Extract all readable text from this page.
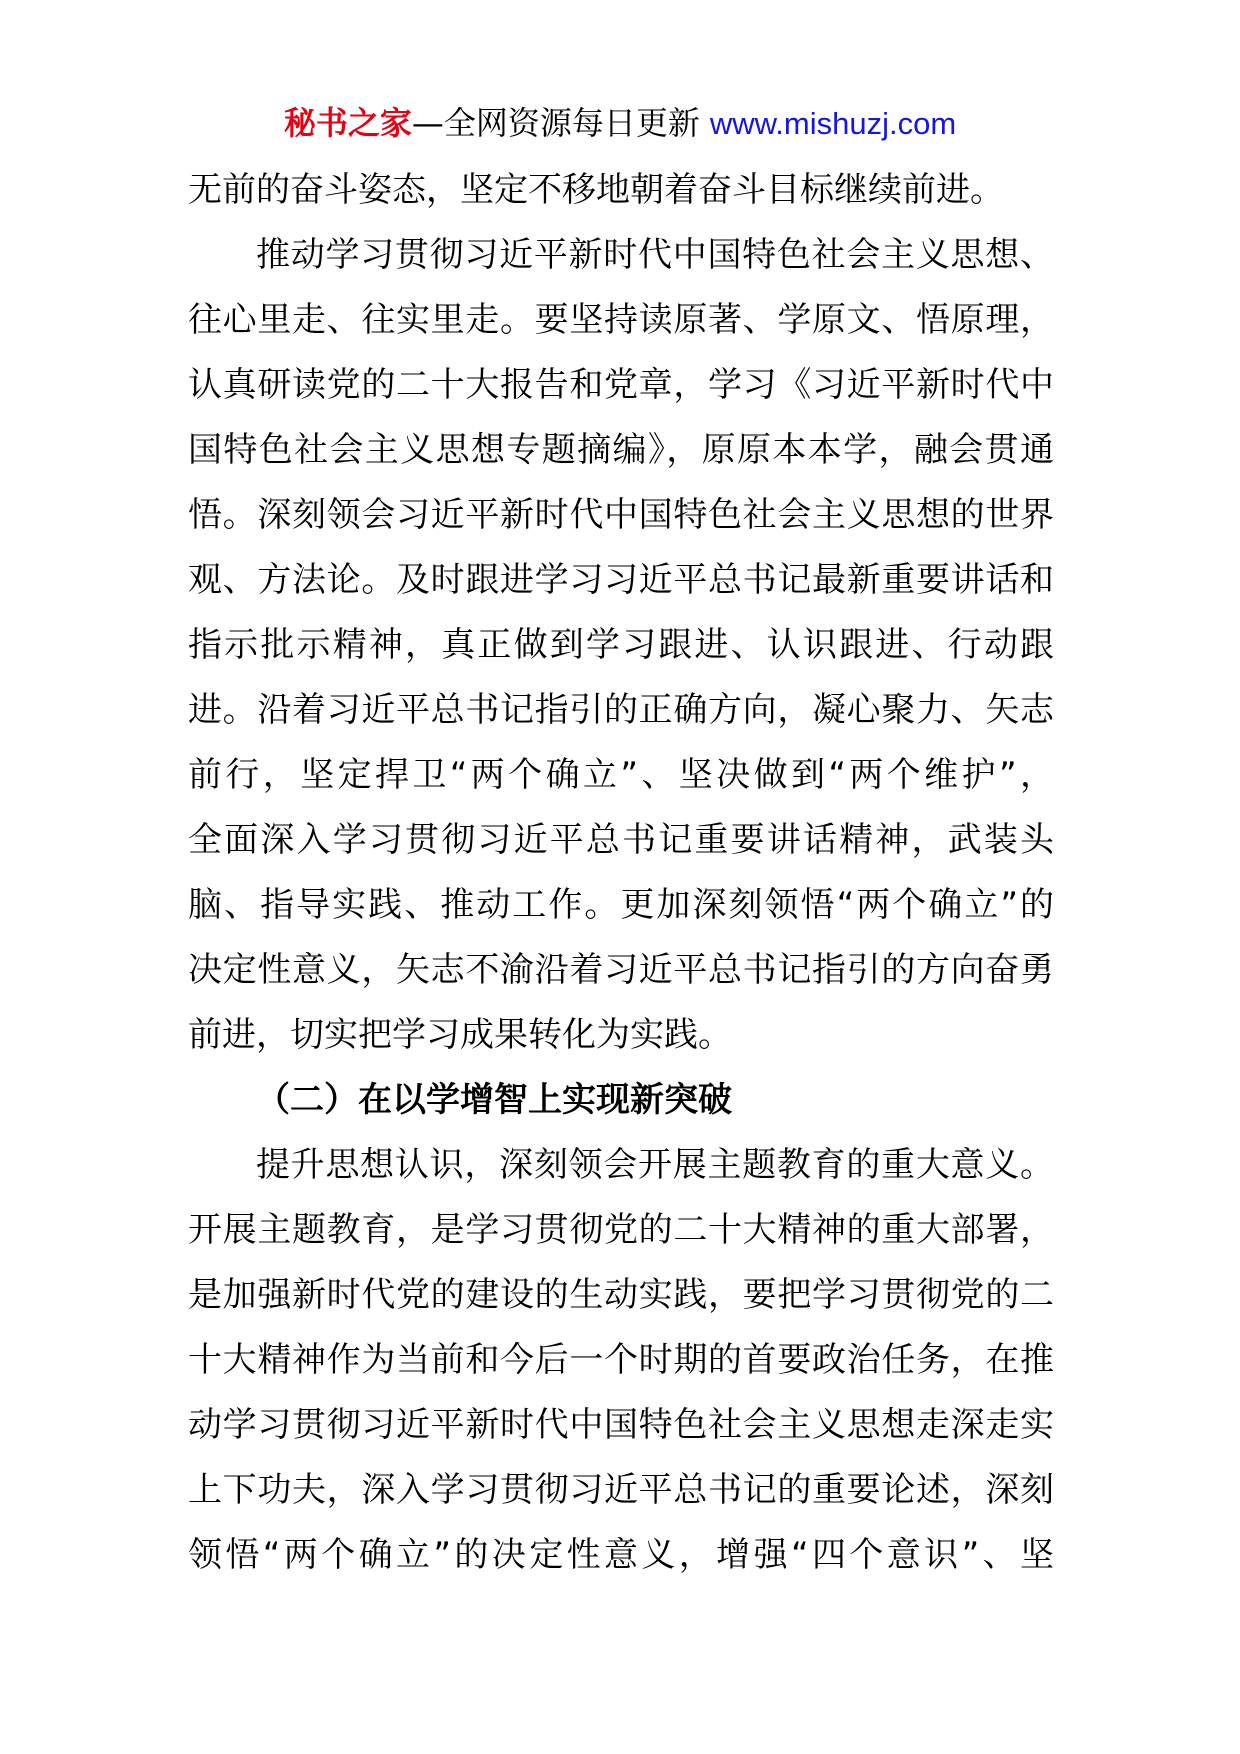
秘书之家—全网资源每日更新 www.mishuzj.com
无前的奋斗姿态，坚定不移地朝着奋斗目标继续前进。
推动学习贯彻习近平新时代中国特色社会主义思想、
往心里走、往实里走。要坚持读原著、学原文、悟原理，
认真研读党的二十大报告和党章，学习《习近平新时代中
国特色社会主义思想专题摘编》，原原本本学，融会贯通
悟。深刻领会习近平新时代中国特色社会主义思想的世界
观、方法论。及时跟进学习习近平总书记最新重要讲话和
指示批示精神，真正做到学习跟进、认识跟进、行动跟
进。沿着习近平总书记指引的正确方向，凝心聚力、矢志
前行，坚定捍卫“两个确立”、坚决做到“两个维护”，
全面深入学习贯彻习近平总书记重要讲话精神，武装头
脑、指导实践、推动工作。更加深刻领悟“两个确立”的
决定性意义，矢志不渝沿着习近平总书记指引的方向奋勇
前进，切实把学习成果转化为实践。
（二）在以学增智上实现新突破
提升思想认识，深刻领会开展主题教育的重大意义。
开展主题教育，是学习贯彻党的二十大精神的重大部署，
是加强新时代党的建设的生动实践，要把学习贯彻党的二
十大精神作为当前和今后一个时期的首要政治任务，在推
动学习贯彻习近平新时代中国特色社会主义思想走深走实
上下功夫，深入学习贯彻习近平总书记的重要论述，深刻
领悟“两个确立”的决定性意义，增强“四个意识”、坚
